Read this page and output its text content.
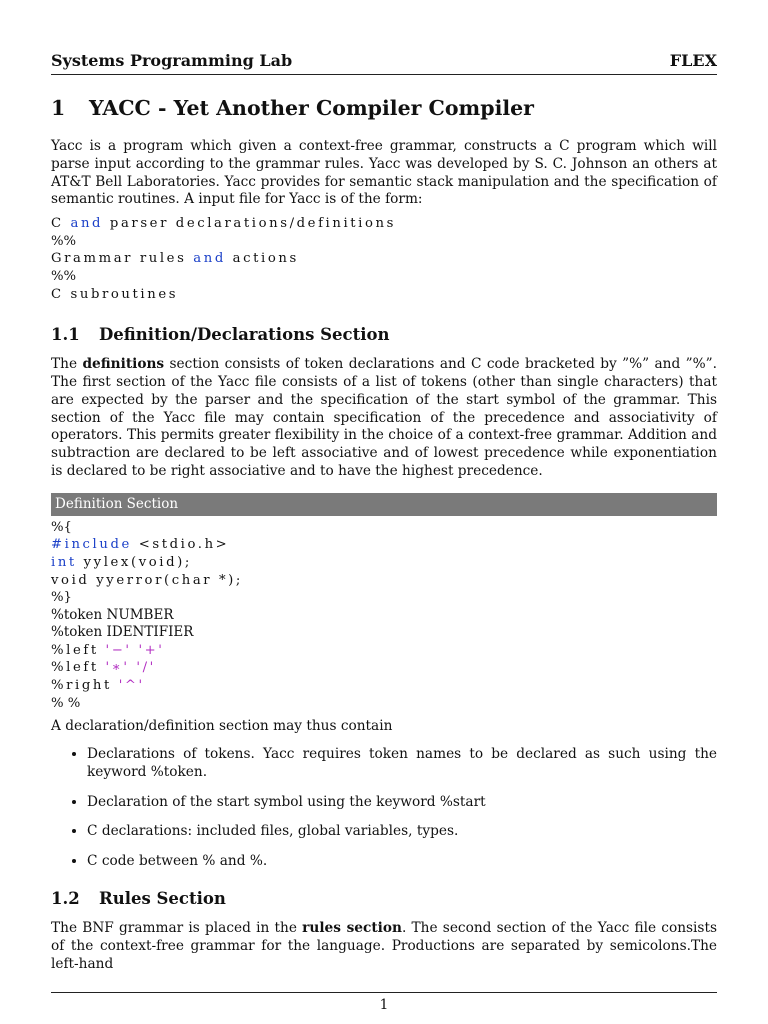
Systems Programming Lab	FLEX
1 YACC - Yet Another Compiler Compiler

Yacc is a program which given a context-free grammar, constructs a C program which will parse input according to the grammar rules. Yacc was developed by S. C. Johnson an others at AT&T Bell Laboratories. Yacc provides for semantic stack manipulation and the specification of semantic routines. A input file for Yacc is of the form:

C and parser declarations/definitions
%%
Grammar rules and actions
%%
C subroutines
1.1 Definition/Declarations Section

The definitions section consists of token declarations and C code bracketed by ”%” and ”%”. The first section of the Yacc file consists of a list of tokens (other than single characters) that are expected by the parser and the specification of the start symbol of the grammar. This section of the Yacc file may contain specification of the precedence and associativity of operators. This permits greater flexibility in the choice of a context-free grammar. Addition and subtraction are declared to be left associative and of lowest precedence while exponentiation is declared to be right associative and to have the highest precedence.

Definition Section
%{
#include <stdio.h>
int yylex(void);
void yyerror(char *);
%}
%token NUMBER
%token IDENTIFIER
%left '−' '+'
%left '∗' '/'
%right '^'
% %

A declaration/definition section may thus contain

• Declarations of tokens. Yacc requires token names to be declared as such using the keyword %token.
• Declaration of the start symbol using the keyword %start
• C declarations: included files, global variables, types.
• C code between % and %.
1.2 Rules Section

The BNF grammar is placed in the rules section. The second section of the Yacc file consists of the context-free grammar for the language. Productions are separated by semicolons.The left-hand

1
